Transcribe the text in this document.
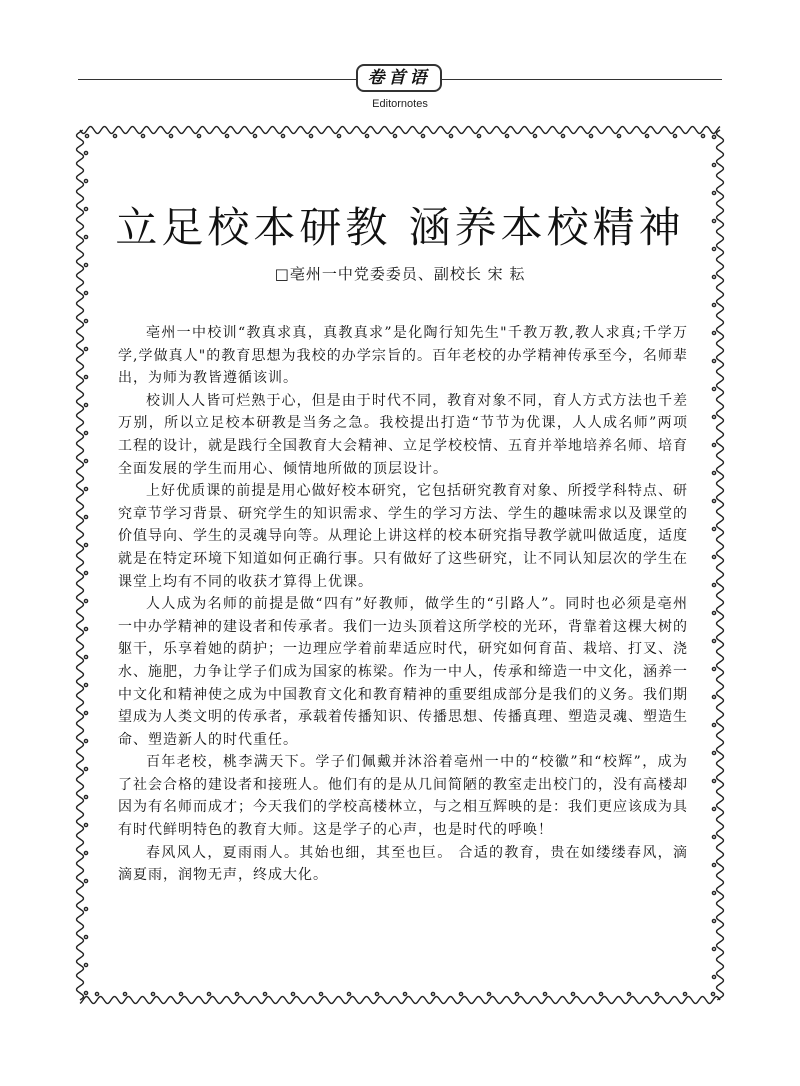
卷首语
Editornotes
立足校本研教 涵养本校精神
□亳州一中党委委员、副校长 宋 耘

亳州一中校训“教真求真，真教真求”是化陶行知先生"千教万教,教人求真;千学万学,学做真人"的教育思想为我校的办学宗旨的。百年老校的办学精神传承至今，名师辈出，为师为教皆遵循该训。

校训人人皆可烂熟于心，但是由于时代不同，教育对象不同，育人方式方法也千差万别，所以立足校本研教是当务之急。我校提出打造“节节为优课，人人成名师”两项工程的设计，就是践行全国教育大会精神、立足学校校情、五育并举地培养名师、培育全面发展的学生而用心、倾情地所做的顶层设计。

上好优质课的前提是用心做好校本研究，它包括研究教育对象、所授学科特点、研究章节学习背景、研究学生的知识需求、学生的学习方法、学生的趣味需求以及课堂的价值导向、学生的灵魂导向等。从理论上讲这样的校本研究指导教学就叫做适度，适度就是在特定环境下知道如何正确行事。只有做好了这些研究，让不同认知层次的学生在课堂上均有不同的收获才算得上优课。

人人成为名师的前提是做“四有”好教师，做学生的“引路人”。同时也必须是亳州一中办学精神的建设者和传承者。我们一边头顶着这所学校的光环，背靠着这棵大树的躯干，乐享着她的荫护；一边理应学着前辈适应时代，研究如何育苗、栽培、打叉、浇水、施肥，力争让学子们成为国家的栋梁。作为一中人，传承和缔造一中文化，涵养一中文化和精神使之成为中国教育文化和教育精神的重要组成部分是我们的义务。我们期望成为人类文明的传承者，承载着传播知识、传播思想、传播真理、塑造灵魂、塑造生命、塑造新人的时代重任。

百年老校，桃李满天下。学子们佩戴并沐浴着亳州一中的“校徽”和“校辉”，成为了社会合格的建设者和接班人。他们有的是从几间简陋的教室走出校门的，没有高楼却因为有名师而成才；今天我们的学校高楼林立，与之相互辉映的是：我们更应该成为具有时代鲜明特色的教育大师。这是学子的心声，也是时代的呼唤！

春风风人，夏雨雨人。其始也细，其至也巨。 合适的教育，贵在如缕缕春风，滴滴夏雨，润物无声，终成大化。
